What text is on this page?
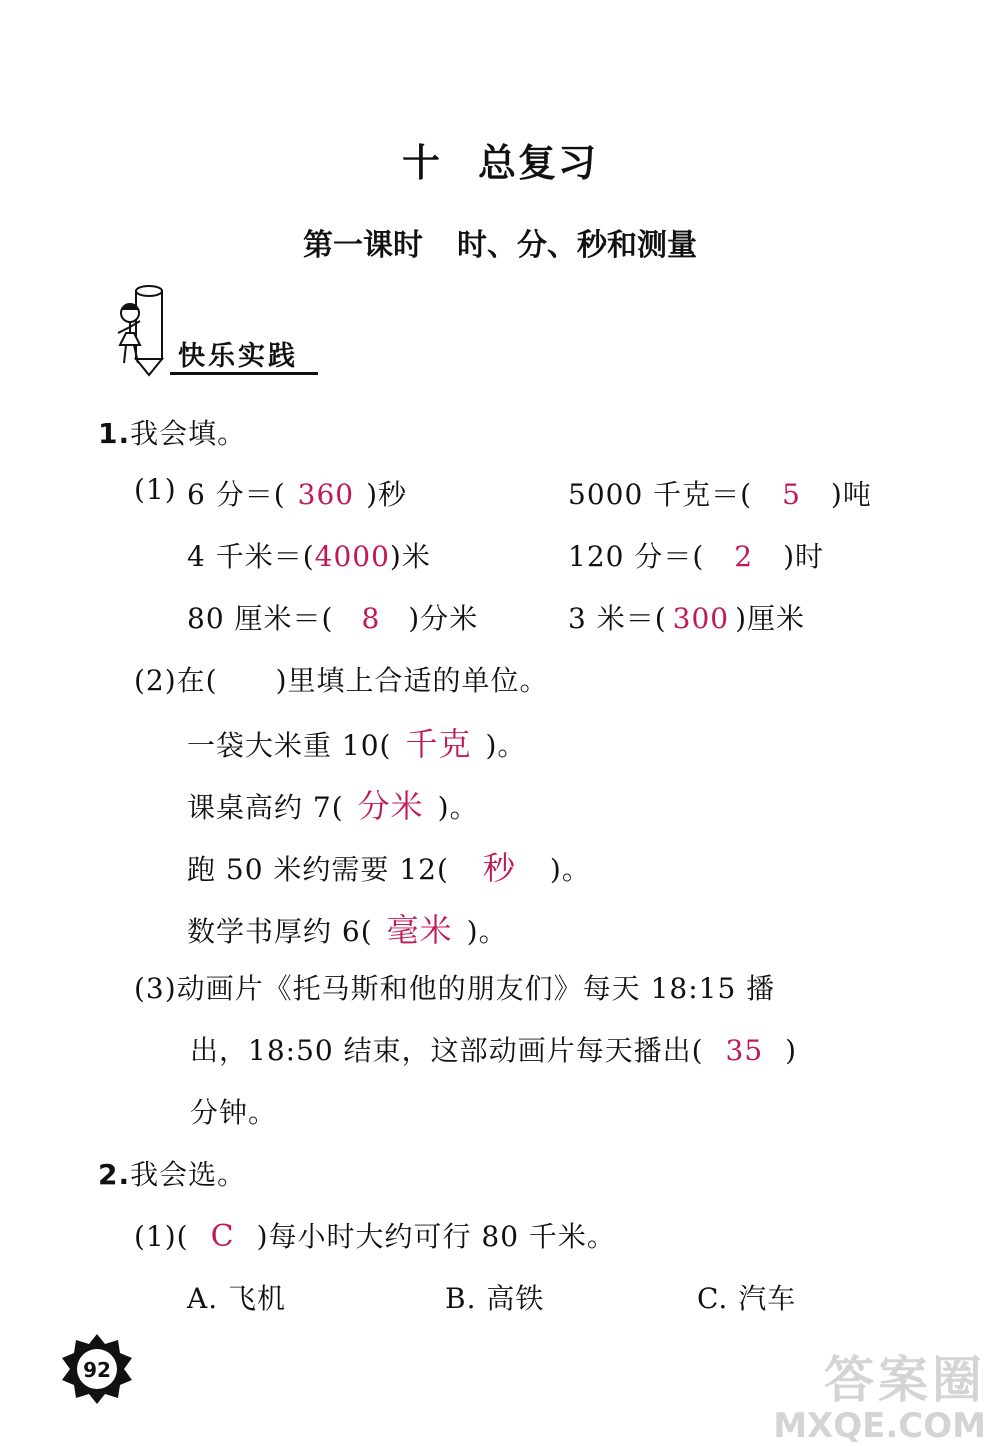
十 总复习
第一课时 时、分、秒和测量
快乐实践
1.我会填。
(1) 6 分＝( 360 )秒	5000 千克＝( 5 )吨
4 千米＝(4000)米	120 分＝( 2 )时
80 厘米＝( 8 )分米	3 米＝( 300 )厘米
(2)在(　　)里填上合适的单位。
一袋大米重 10( 千克 )。
课桌高约 7( 分米 )。
跑 50 米约需要 12( 秒 )。
数学书厚约 6( 毫米 )。
(3)动画片《托马斯和他的朋友们》每天 18:15 播
出，18:50 结束，这部动画片每天播出( 35 )
分钟。
2.我会选。
(1)( C )每小时大约可行 80 千米。
A. 飞机	B. 高铁	C. 汽车
92	答案圈
MXQE.COM
